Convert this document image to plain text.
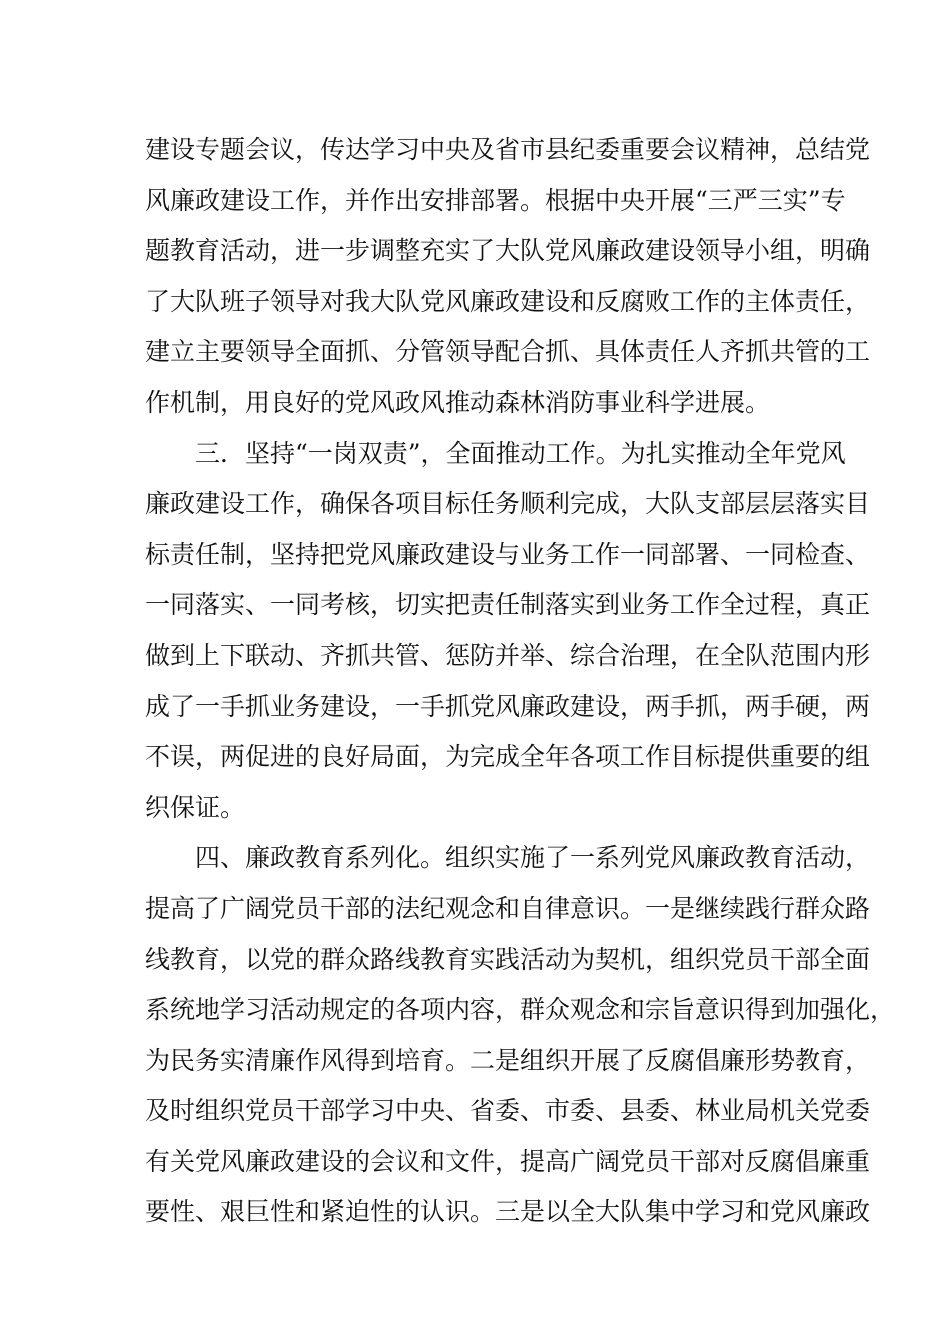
建设专题会议，传达学习中央及省市县纪委重要会议精神，总结党
风廉政建设工作，并作出安排部署。根据中央开展“三严三实”专
题教育活动，进一步调整充实了大队党风廉政建设领导小组，明确
了大队班子领导对我大队党风廉政建设和反腐败工作的主体责任，
建立主要领导全面抓、分管领导配合抓、具体责任人齐抓共管的工
作机制，用良好的党风政风推动森林消防事业科学进展。
三．坚持“一岗双责”，全面推动工作。为扎实推动全年党风
廉政建设工作，确保各项目标任务顺利完成，大队支部层层落实目
标责任制，坚持把党风廉政建设与业务工作一同部署、一同检查、
一同落实、一同考核，切实把责任制落实到业务工作全过程，真正
做到上下联动、齐抓共管、惩防并举、综合治理，在全队范围内形
成了一手抓业务建设，一手抓党风廉政建设，两手抓，两手硬，两
不误，两促进的良好局面，为完成全年各项工作目标提供重要的组
织保证。
四、廉政教育系列化。组织实施了一系列党风廉政教育活动，
提高了广阔党员干部的法纪观念和自律意识。一是继续践行群众路
线教育，以党的群众路线教育实践活动为契机，组织党员干部全面
系统地学习活动规定的各项内容，群众观念和宗旨意识得到加强化，
为民务实清廉作风得到培育。二是组织开展了反腐倡廉形势教育，
及时组织党员干部学习中央、省委、市委、县委、林业局机关党委
有关党风廉政建设的会议和文件，提高广阔党员干部对反腐倡廉重
要性、艰巨性和紧迫性的认识。三是以全大队集中学习和党风廉政
